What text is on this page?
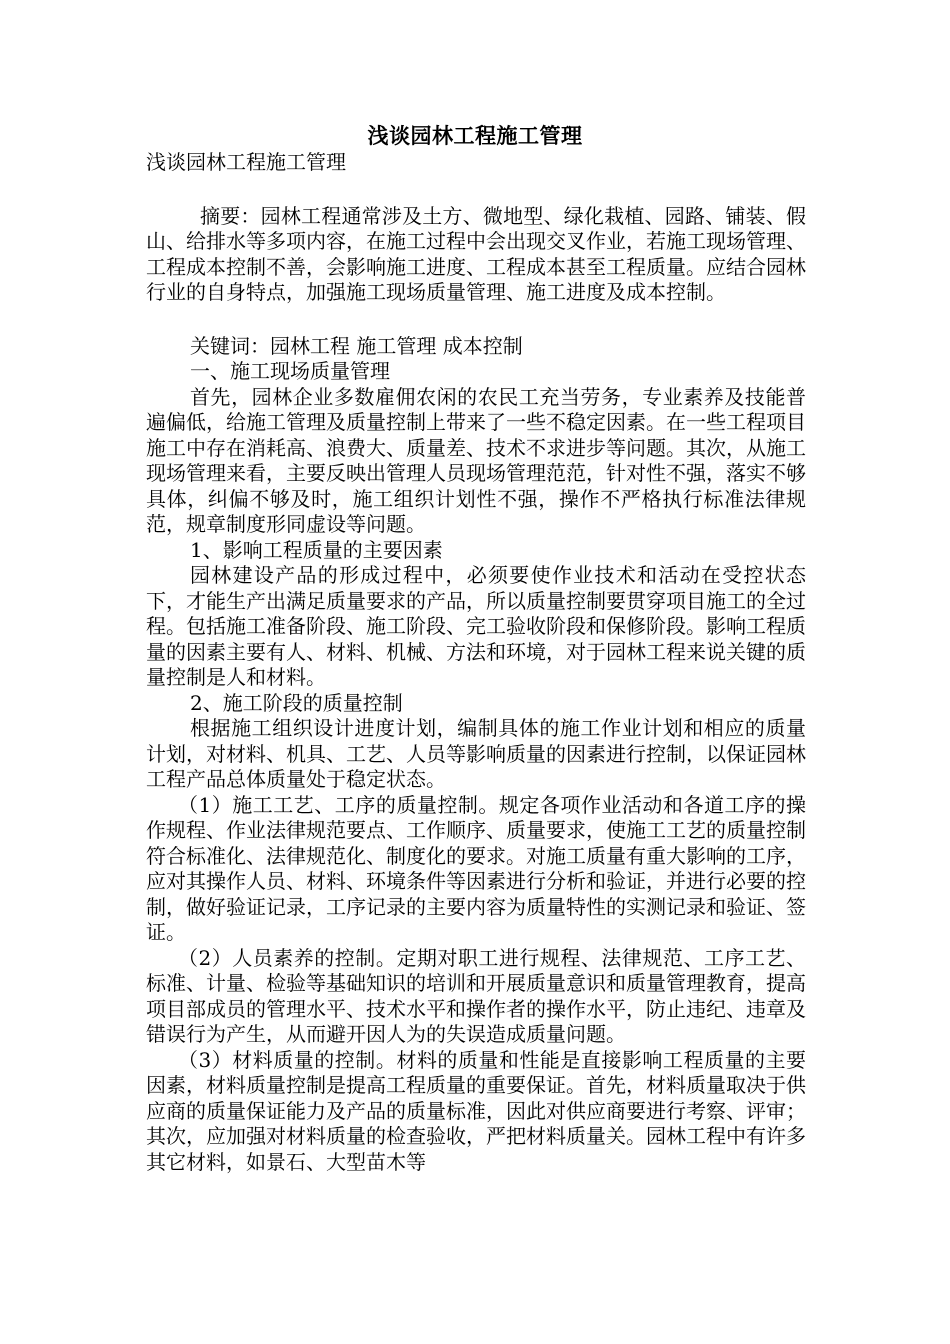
浅谈园林工程施工管理

浅谈园林工程施工管理

摘要：园林工程通常涉及土方、微地型、绿化栽植、园路、铺装、假山、给排水等多项内容，在施工过程中会出现交叉作业，若施工现场管理、工程成本控制不善，会影响施工进度、工程成本甚至工程质量。应结合园林行业的自身特点，加强施工现场质量管理、施工进度及成本控制。

关键词：园林工程 施工管理 成本控制

一、施工现场质量管理

首先，园林企业多数雇佣农闲的农民工充当劳务，专业素养及技能普遍偏低，给施工管理及质量控制上带来了一些不稳定因素。在一些工程项目施工中存在消耗高、浪费大、质量差、技术不求进步等问题。其次，从施工现场管理来看，主要反映出管理人员现场管理范范，针对性不强，落实不够具体，纠偏不够及时，施工组织计划性不强，操作不严格执行标准法律规范，规章制度形同虚设等问题。

1、影响工程质量的主要因素

园林建设产品的形成过程中，必须要使作业技术和活动在受控状态下，才能生产出满足质量要求的产品，所以质量控制要贯穿项目施工的全过程。包括施工准备阶段、施工阶段、完工验收阶段和保修阶段。影响工程质量的因素主要有人、材料、机械、方法和环境，对于园林工程来说关键的质量控制是人和材料。

2、施工阶段的质量控制

根据施工组织设计进度计划，编制具体的施工作业计划和相应的质量计划，对材料、机具、工艺、人员等影响质量的因素进行控制，以保证园林工程产品总体质量处于稳定状态。

（1）施工工艺、工序的质量控制。规定各项作业活动和各道工序的操作规程、作业法律规范要点、工作顺序、质量要求，使施工工艺的质量控制符合标准化、法律规范化、制度化的要求。对施工质量有重大影响的工序，应对其操作人员、材料、环境条件等因素进行分析和验证，并进行必要的控制，做好验证记录，工序记录的主要内容为质量特性的实测记录和验证、签证。

（2）人员素养的控制。定期对职工进行规程、法律规范、工序工艺、标准、计量、检验等基础知识的培训和开展质量意识和质量管理教育，提高项目部成员的管理水平、技术水平和操作者的操作水平，防止违纪、违章及错误行为产生，从而避开因人为的失误造成质量问题。

（3）材料质量的控制。材料的质量和性能是直接影响工程质量的主要因素，材料质量控制是提高工程质量的重要保证。首先，材料质量取决于供应商的质量保证能力及产品的质量标准，因此对供应商要进行考察、评审；其次，应加强对材料质量的检查验收，严把材料质量关。园林工程中有许多其它材料，如景石、大型苗木等
